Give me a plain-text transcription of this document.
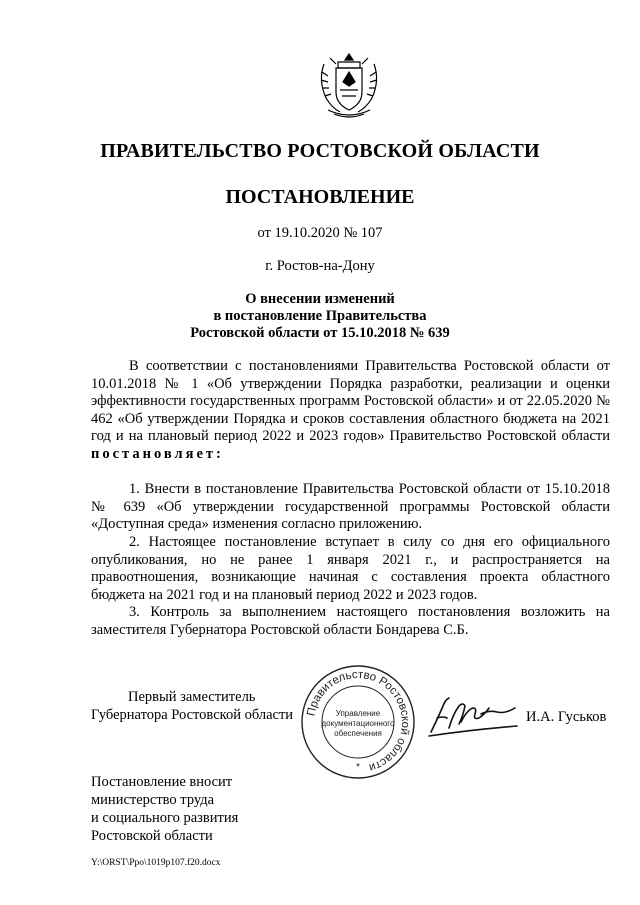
ПРАВИТЕЛЬСТВО РОСТОВСКОЙ ОБЛАСТИ
ПОСТАНОВЛЕНИЕ
от 19.10.2020 № 107
г. Ростов-на-Дону
О внесении изменений
в постановление Правительства
Ростовской области от 15.10.2018 № 639
В соответствии с постановлениями Правительства Ростовской области от 10.01.2018 № 1 «Об утверждении Порядка разработки, реализации и оценки эффективности государственных программ Ростовской области» и от 22.05.2020 № 462 «Об утверждении Порядка и сроков составления областного бюджета на 2021 год и на плановый период 2022 и 2023 годов» Правительство Ростовской области постановляет:
1. Внести в постановление Правительства Ростовской области от 15.10.2018 № 639 «Об утверждении государственной программы Ростовской области «Доступная среда» изменения согласно приложению.
2. Настоящее постановление вступает в силу со дня его официального опубликования, но не ранее 1 января 2021 г., и распространяется на правоотношения, возникающие начиная с составления проекта областного бюджета на 2021 год и на плановый период 2022 и 2023 годов.
3. Контроль за выполнением настоящего постановления возложить на заместителя Губернатора Ростовской области Бондарева С.Б.
Первый заместитель
Губернатора Ростовской области Правительство Ростовской области
Управление
документационного
обеспечения
*
И.А. Гуськов
Постановление вносит
министерство труда
и социального развития
Ростовской области
Y:\ORST\Ppo\1019p107.f20.docx
